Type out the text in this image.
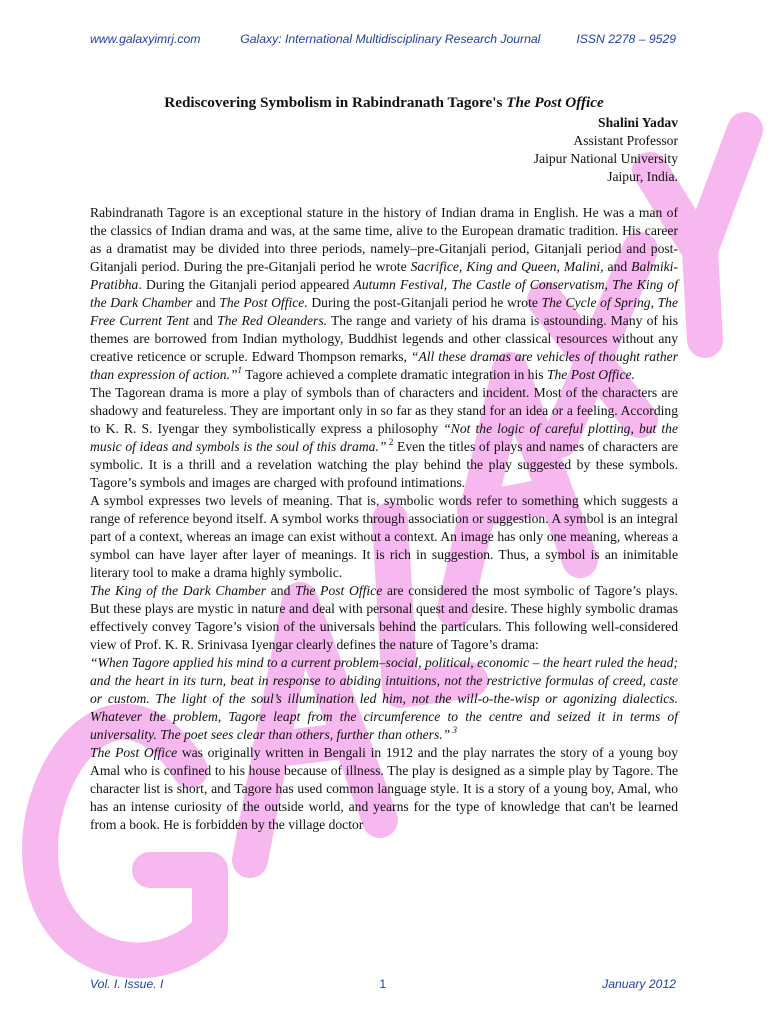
www.galaxyimrj.com	Galaxy: International Multidisciplinary Research Journal	ISSN 2278 – 9529
Rediscovering Symbolism in Rabindranath Tagore's The Post Office
Shalini Yadav
Assistant Professor
Jaipur National University
Jaipur, India.

Rabindranath Tagore is an exceptional stature in the history of Indian drama in English. He was a man of the classics of Indian drama and was, at the same time, alive to the European dramatic tradition. His career as a dramatist may be divided into three periods, namely–pre-Gitanjali period, Gitanjali period and post-Gitanjali period. During the pre-Gitanjali period he wrote Sacrifice, King and Queen, Malini, and Balmiki-Pratibha. During the Gitanjali period appeared Autumn Festival, The Castle of Conservatism, The King of the Dark Chamber and The Post Office. During the post-Gitanjali period he wrote The Cycle of Spring, The Free Current Tent and The Red Oleanders. The range and variety of his drama is astounding. Many of his themes are borrowed from Indian mythology, Buddhist legends and other classical resources without any creative reticence or scruple. Edward Thompson remarks, “All these dramas are vehicles of thought rather than expression of action.”$^1$ Tagore achieved a complete dramatic integration in his The Post Office.

The Tagorean drama is more a play of symbols than of characters and incident. Most of the characters are shadowy and featureless. They are important only in so far as they stand for an idea or a feeling. According to K. R. S. Iyengar they symbolistically express a philosophy “Not the logic of careful plotting, but the music of ideas and symbols is the soul of this drama.” $^2$ Even the titles of plays and names of characters are symbolic. It is a thrill and a revelation watching the play behind the play suggested by these symbols. Tagore’s symbols and images are charged with profound intimations.

A symbol expresses two levels of meaning. That is, symbolic words refer to something which suggests a range of reference beyond itself. A symbol works through association or suggestion. A symbol is an integral part of a context, whereas an image can exist without a context. An image has only one meaning, whereas a symbol can have layer after layer of meanings. It is rich in suggestion. Thus, a symbol is an inimitable literary tool to make a drama highly symbolic.

The King of the Dark Chamber and The Post Office are considered the most symbolic of Tagore’s plays. But these plays are mystic in nature and deal with personal quest and desire. These highly symbolic dramas effectively convey Tagore’s vision of the universals behind the particulars. This following well-considered view of Prof. K. R. Srinivasa Iyengar clearly defines the nature of Tagore’s drama:

“When Tagore applied his mind to a current problem–social, political, economic – the heart ruled the head; and the heart in its turn, beat in response to abiding intuitions, not the restrictive formulas of creed, caste or custom. The light of the soul’s illumination led him, not the will-o-the-wisp or agonizing dialectics. Whatever the problem, Tagore leapt from the circumference to the centre and seized it in terms of universality. The poet sees clear than others, further than others.” $^3$

The Post Office was originally written in Bengali in 1912 and the play narrates the story of a young boy Amal who is confined to his house because of illness. The play is designed as a simple play by Tagore. The character list is short, and Tagore has used common language style. It is a story of a young boy, Amal, who has an intense curiosity of the outside world, and yearns for the type of knowledge that can't be learned from a book. He is forbidden by the village doctor

Vol. I. Issue. I	1	January 2012
